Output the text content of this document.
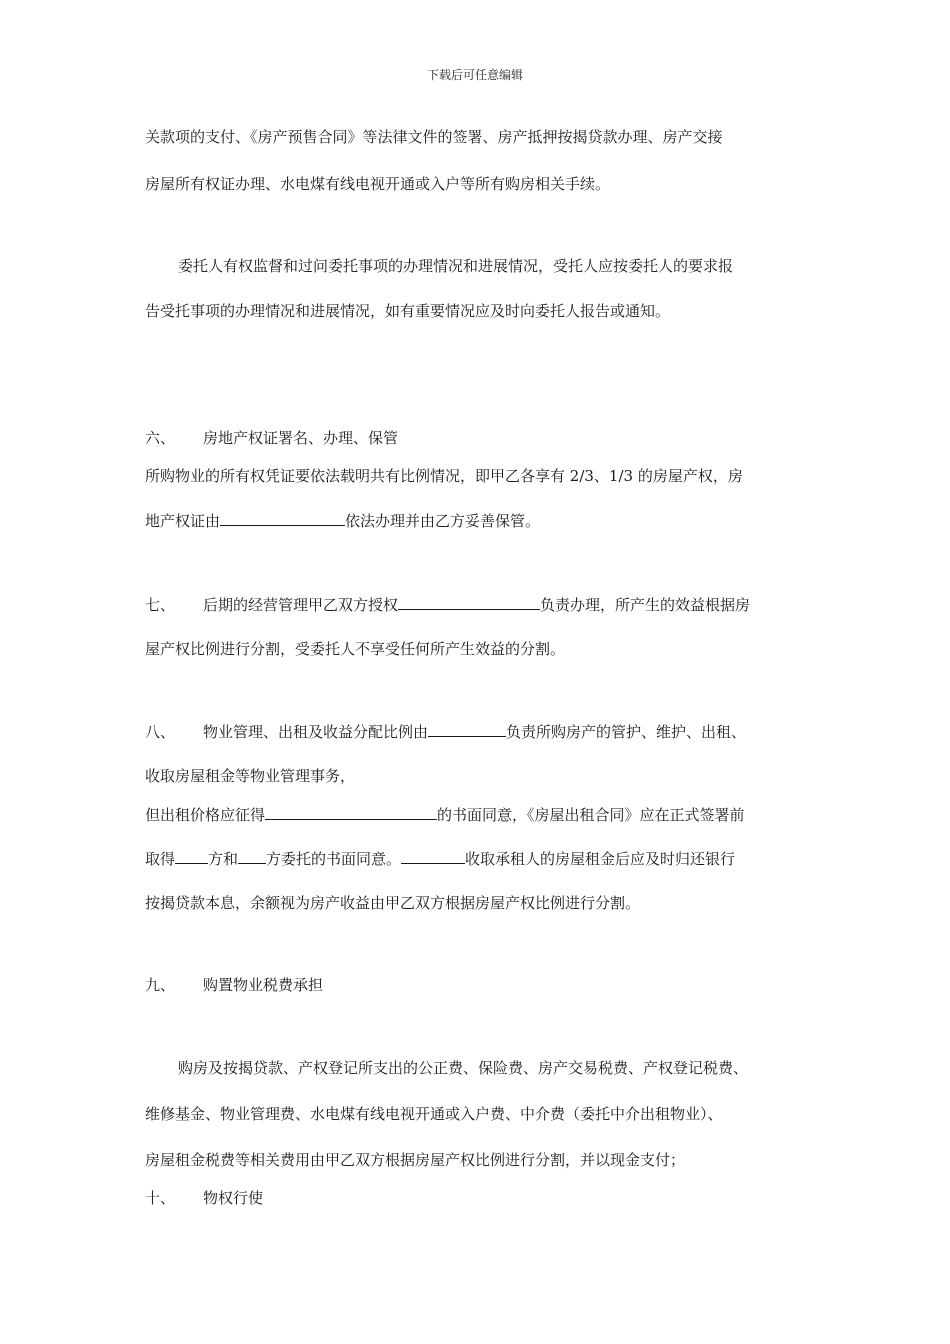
下载后可任意编辑
关款项的支付、《房产预售合同》等法律文件的签署、房产抵押按揭贷款办理、房产交接
房屋所有权证办理、水电煤有线电视开通或入户等所有购房相关手续。
委托人有权监督和过问委托事项的办理情况和进展情况，受托人应按委托人的要求报
告受托事项的办理情况和进展情况，如有重要情况应及时向委托人报告或通知。
六、 房地产权证署名、办理、保管
所购物业的所有权凭证要依法载明共有比例情况，即甲乙各享有 2/3、1/3 的房屋产权，房
地产权证由	依法办理并由乙方妥善保管。
七、 后期的经营管理甲乙双方授权	负责办理，所产生的效益根据房
屋产权比例进行分割，受委托人不享受任何所产生效益的分割。
八、 物业管理、出租及收益分配比例由	负责所购房产的管护、维护、出租、
收取房屋租金等物业管理事务，
但出租价格应征得	的书面同意，《房屋出租合同》应在正式签署前
取得 方和 方委托的书面同意。	收取承租人的房屋租金后应及时归还银行
按揭贷款本息，余额视为房产收益由甲乙双方根据房屋产权比例进行分割。
九、 购置物业税费承担
购房及按揭贷款、产权登记所支出的公正费、保险费、房产交易税费、产权登记税费、
维修基金、物业管理费、水电煤有线电视开通或入户费、中介费（委托中介出租物业）、
房屋租金税费等相关费用由甲乙双方根据房屋产权比例进行分割，并以现金支付；
十、 物权行使
